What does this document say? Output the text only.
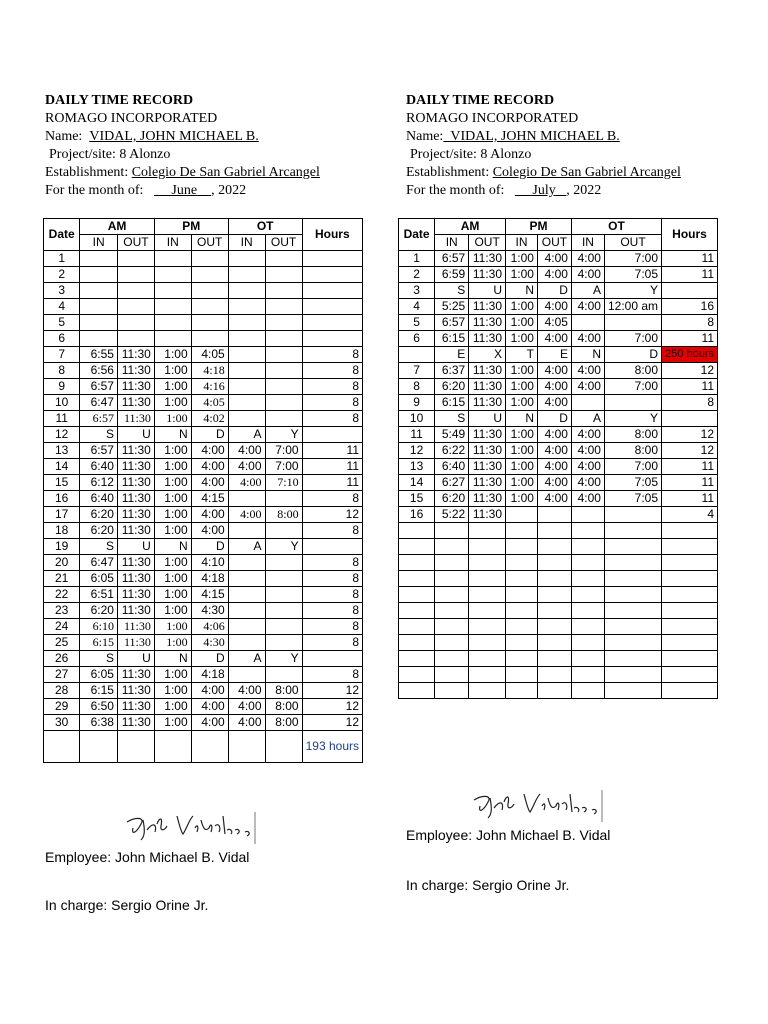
DAILY TIME RECORD
ROMAGO INCORPORATED
Name: VIDAL, JOHN MICHAEL B.
Project/site: 8 Alonzo
Establishment: Colegio De San Gabriel Arcangel
For the month of: June , 2022
Date	AM		PM		OT		Hours
	IN	OUT	IN	OUT	IN	OUT	
1							
2							
3							
4							
5							
6							
7	6:55	11:30	1:00	4:05			8
8	6:56	11:30	1:00	4:18			8
9	6:57	11:30	1:00	4:16			8
10	6:47	11:30	1:00	4:05			8
11	6:57	11:30	1:00	4:02			8
12	S	U	N	D	A	Y	
13	6:57	11:30	1:00	4:00	4:00	7:00	11
14	6:40	11:30	1:00	4:00	4:00	7:00	11
15	6:12	11:30	1:00	4:00	4:00	7:10	11
16	6:40	11:30	1:00	4:15			8
17	6:20	11:30	1:00	4:00	4:00	8:00	12
18	6:20	11:30	1:00	4:00			8
19	S	U	N	D	A	Y	
20	6:47	11:30	1:00	4:10			8
21	6:05	11:30	1:00	4:18			8
22	6:51	11:30	1:00	4:15			8
23	6:20	11:30	1:00	4:30			8
24	6:10	11:30	1:00	4:06			8
25	6:15	11:30	1:00	4:30			8
26	S	U	N	D	A	Y	
27	6:05	11:30	1:00	4:18			8
28	6:15	11:30	1:00	4:00	4:00	8:00	12
29	6:50	11:30	1:00	4:00	4:00	8:00	12
30	6:38	11:30	1:00	4:00	4:00	8:00	12
							193 hours
Employee: John Michael B. Vidal
In charge: Sergio Orine Jr.
DAILY TIME RECORD
ROMAGO INCORPORATED
Name: VIDAL, JOHN MICHAEL B.
Project/site: 8 Alonzo
Establishment: Colegio De San Gabriel Arcangel
For the month of: July , 2022
Date	AM		PM		OT		Hours
	IN	OUT	IN	OUT	IN	OUT	
1	6:57	11:30	1:00	4:00	4:00	7:00	11
2	6:59	11:30	1:00	4:00	4:00	7:05	11
3	S	U	N	D	A	Y	
4	5:25	11:30	1:00	4:00	4:00	12:00 am	16
5	6:57	11:30	1:00	4:05			8
6	6:15	11:30	1:00	4:00	4:00	7:00	11
	E	X	T	E	N	D	250 hours
7	6:37	11:30	1:00	4:00	4:00	8:00	12
8	6:20	11:30	1:00	4:00	4:00	7:00	11
9	6:15	11:30	1:00	4:00			8
10	S	U	N	D	A	Y	
11	5:49	11:30	1:00	4:00	4:00	8:00	12
12	6:22	11:30	1:00	4:00	4:00	8:00	12
13	6:40	11:30	1:00	4:00	4:00	7:00	11
14	6:27	11:30	1:00	4:00	4:00	7:05	11
15	6:20	11:30	1:00	4:00	4:00	7:05	11
16	5:22	11:30					4

Employee: John Michael B. Vidal
In charge: Sergio Orine Jr.
